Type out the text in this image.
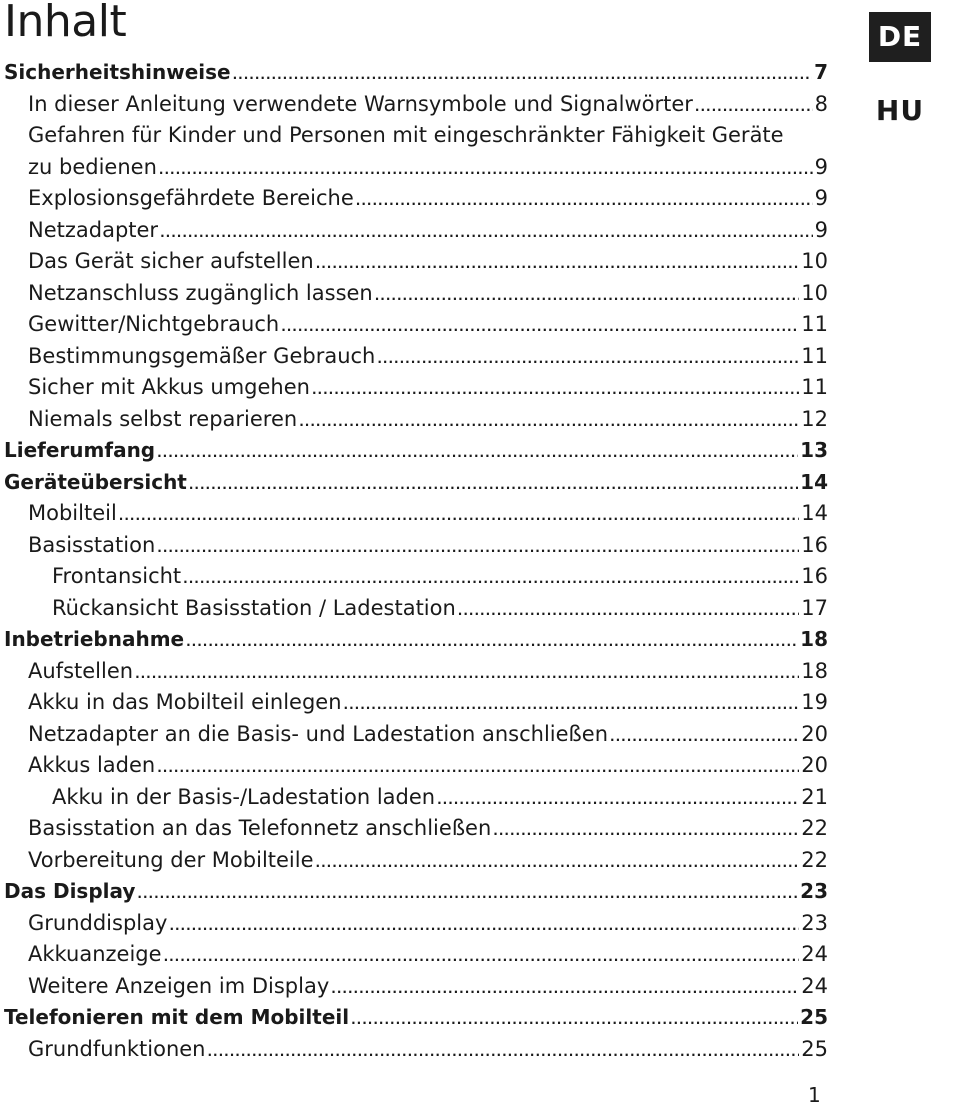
Inhalt	DE
HU
Sicherheitshinweise .....	7
In dieser Anleitung verwendete Warnsymbole und Signalwörter .....	8
Gefahren für Kinder und Personen mit eingeschränkter Fähigkeit Geräte
zu bedienen .....	9
Explosionsgefährdete Bereiche .....	9
Netzadapter .....	9
Das Gerät sicher aufstellen .....	10
Netzanschluss zugänglich lassen .....	10
Gewitter/Nichtgebrauch .....	11
Bestimmungsgemäßer Gebrauch .....	11
Sicher mit Akkus umgehen .....	11
Niemals selbst reparieren .....	12
Lieferumfang .....	13
Geräteübersicht .....	14
Mobilteil .....	14
Basisstation .....	16
Frontansicht .....	16
Rückansicht Basisstation / Ladestation .....	17
Inbetriebnahme .....	18
Aufstellen .....	18
Akku in das Mobilteil einlegen .....	19
Netzadapter an die Basis- und Ladestation anschließen .....	20
Akkus laden .....	20
Akku in der Basis-/Ladestation laden .....	21
Basisstation an das Telefonnetz anschließen .....	22
Vorbereitung der Mobilteile .....	22
Das Display .....	23
Grunddisplay .....	23
Akkuanzeige .....	24
Weitere Anzeigen im Display .....	24
Telefonieren mit dem Mobilteil .....	25
Grundfunktionen .....	25
1
